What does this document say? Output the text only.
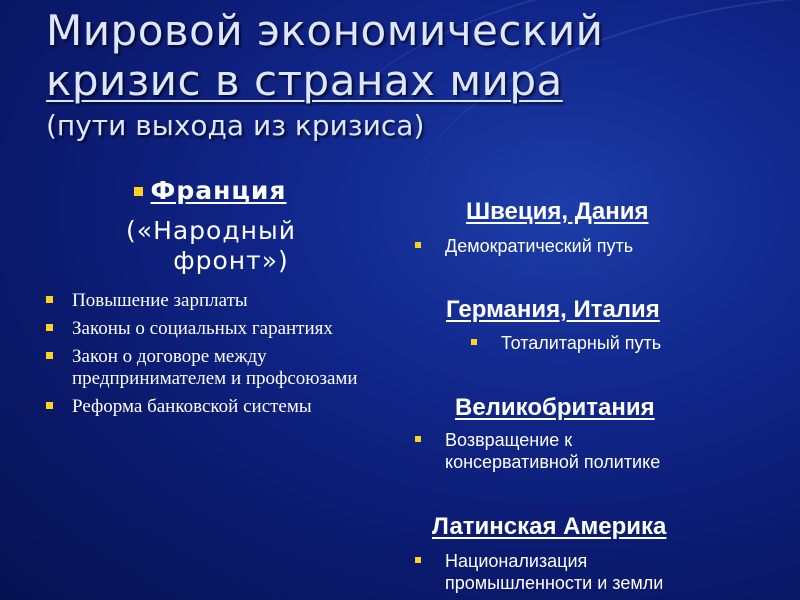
Мировой экономический
кризис в странах мира
(пути выхода из кризиса)
Франция
(«Народный
фронт»)
Повышение зарплаты
Законы о социальных гарантиях
Закон о договоре между предпринимателем и профсоюзами
Реформа банковской системы
Швеция, Дания
Демократический путь
Германия, Италия
Тоталитарный путь
Великобритания
Возвращение к
консервативной политике
Латинская Америка
Национализация
промышленности и земли
